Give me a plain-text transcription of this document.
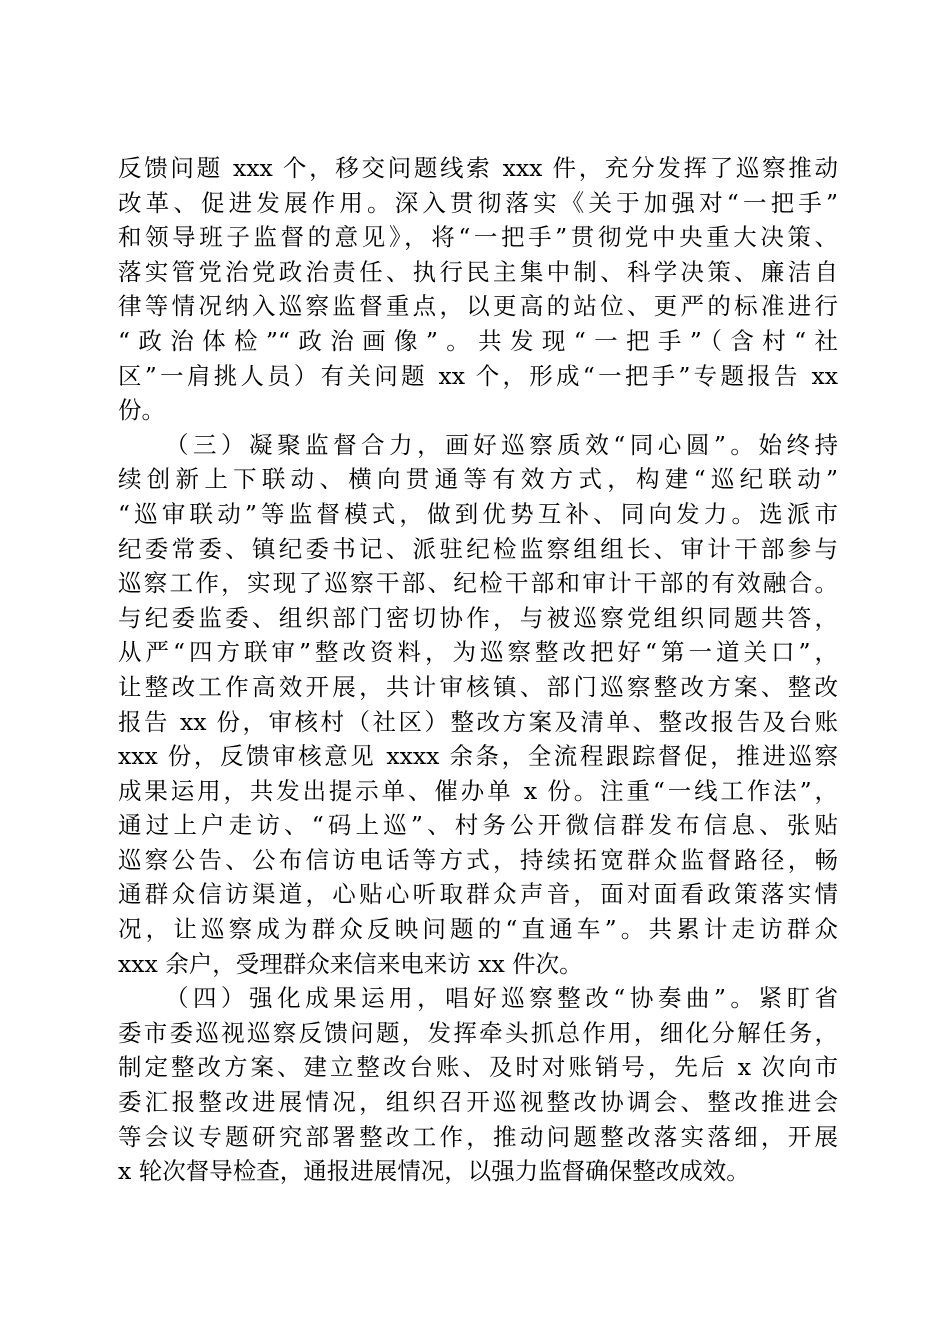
反馈问题 xxx 个，移交问题线索 xxx 件，充分发挥了巡察推动
改革、促进发展作用。深入贯彻落实《关于加强对“一把手”
和领导班子监督的意见》，将“一把手”贯彻党中央重大决策、
落实管党治党政治责任、执行民主集中制、科学决策、廉洁自
律等情况纳入巡察监督重点，以更高的站位、更严的标准进行
“政治体检”“政治画像”。共发现“一把手”（含村“社
区”一肩挑人员）有关问题 xx 个，形成“一把手”专题报告 xx
份。
（三）凝聚监督合力，画好巡察质效“同心圆”。始终持
续创新上下联动、横向贯通等有效方式，构建“巡纪联动”
“巡审联动”等监督模式，做到优势互补、同向发力。选派市
纪委常委、镇纪委书记、派驻纪检监察组组长、审计干部参与
巡察工作，实现了巡察干部、纪检干部和审计干部的有效融合。
与纪委监委、组织部门密切协作，与被巡察党组织同题共答，
从严“四方联审”整改资料，为巡察整改把好“第一道关口”，
让整改工作高效开展，共计审核镇、部门巡察整改方案、整改
报告 xx 份，审核村（社区）整改方案及清单、整改报告及台账
xxx 份，反馈审核意见 xxxx 余条，全流程跟踪督促，推进巡察
成果运用，共发出提示单、催办单 x 份。注重“一线工作法”，
通过上户走访、“码上巡”、村务公开微信群发布信息、张贴
巡察公告、公布信访电话等方式，持续拓宽群众监督路径，畅
通群众信访渠道，心贴心听取群众声音，面对面看政策落实情
况，让巡察成为群众反映问题的“直通车”。共累计走访群众
xxx 余户，受理群众来信来电来访 xx 件次。
（四）强化成果运用，唱好巡察整改“协奏曲”。紧盯省
委市委巡视巡察反馈问题，发挥牵头抓总作用，细化分解任务，
制定整改方案、建立整改台账、及时对账销号，先后 x 次向市
委汇报整改进展情况，组织召开巡视整改协调会、整改推进会
等会议专题研究部署整改工作，推动问题整改落实落细，开展
x 轮次督导检查，通报进展情况，以强力监督确保整改成效。
